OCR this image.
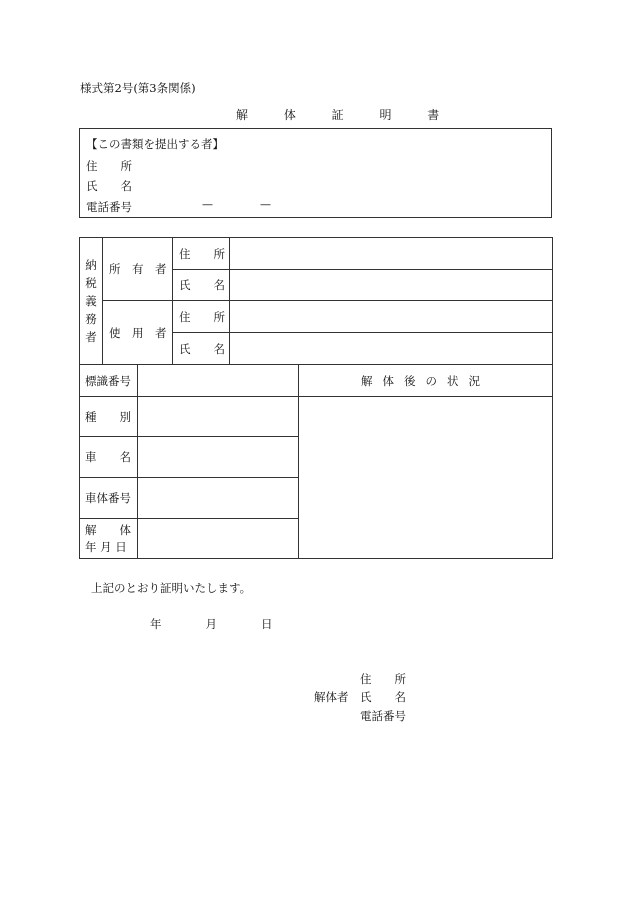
様式第2号(第3条関係)
解 体 証 明 書
【この書類を提出する者】
住　　所
氏　　名
電話番号	—	—
納
税
義
務
者	所　有　者	住　　所	
		氏　　名	
	使　用　者	住　　所	
		氏　　名	
標識番号		解体後の状況
種　　別		
車　　名		
車体番号		
解　　体
年 月 日		
上記のとおり証明いたします。
年	月	日
住　　所
解体者 氏　　名
電話番号
